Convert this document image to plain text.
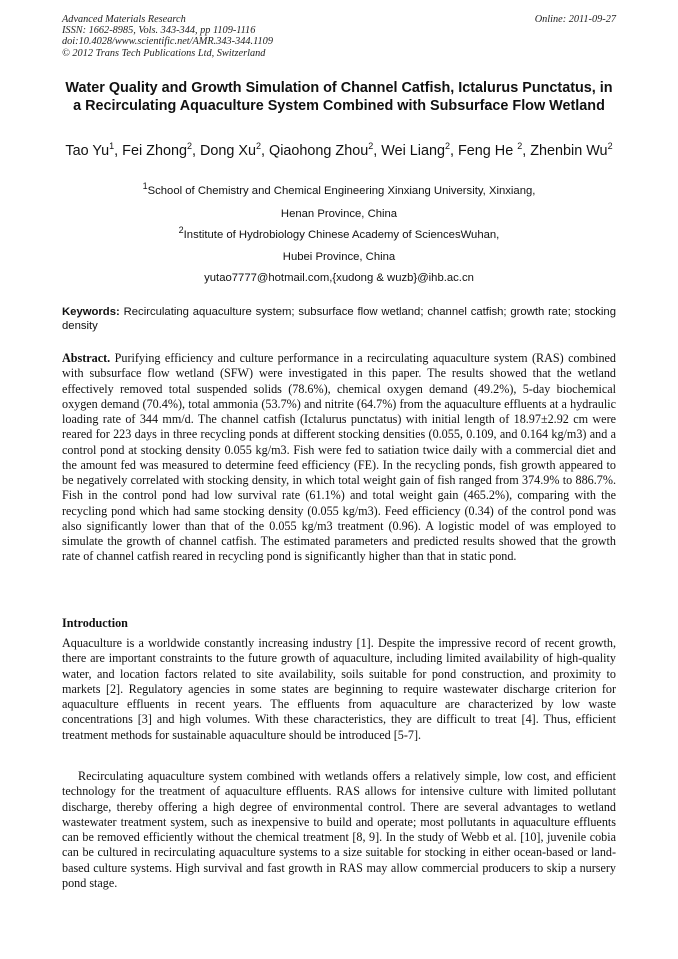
Advanced Materials Research
ISSN: 1662-8985, Vols. 343-344, pp 1109-1116
doi:10.4028/www.scientific.net/AMR.343-344.1109
© 2012 Trans Tech Publications Ltd, Switzerland
Online: 2011-09-27
Water Quality and Growth Simulation of Channel Catfish, Ictalurus Punctatus, in a Recirculating Aquaculture System Combined with Subsurface Flow Wetland
Tao Yu$^1$, Fei Zhong$^2$, Dong Xu$^2$, Qiaohong Zhou$^2$, Wei Liang$^2$, Feng He $^2$, Zhenbin Wu$^2$
$^1$School of Chemistry and Chemical Engineering Xinxiang University, Xinxiang,
Henan Province, China
$^2$Institute of Hydrobiology Chinese Academy of SciencesWuhan,
Hubei Province, China
yutao7777@hotmail.com,{xudong & wuzb}@ihb.ac.cn
Keywords: Recirculating aquaculture system; subsurface flow wetland; channel catfish; growth rate; stocking density
Abstract. Purifying efficiency and culture performance in a recirculating aquaculture system (RAS) combined with subsurface flow wetland (SFW) were investigated in this paper. The results showed that the wetland effectively removed total suspended solids (78.6%), chemical oxygen demand (49.2%), 5-day biochemical oxygen demand (70.4%), total ammonia (53.7%) and nitrite (64.7%) from the aquaculture effluents at a hydraulic loading rate of 344 mm/d. The channel catfish (Ictalurus punctatus) with initial length of 18.97±2.92 cm were reared for 223 days in three recycling ponds at different stocking densities (0.055, 0.109, and 0.164 kg/m3) and a control pond at stocking density 0.055 kg/m3. Fish were fed to satiation twice daily with a commercial diet and the amount fed was measured to determine feed efficiency (FE). In the recycling ponds, fish growth appeared to be negatively correlated with stocking density, in which total weight gain of fish ranged from 374.9% to 886.7%. Fish in the control pond had low survival rate (61.1%) and total weight gain (465.2%), comparing with the recycling pond which had same stocking density (0.055 kg/m3). Feed efficiency (0.34) of the control pond was also significantly lower than that of the 0.055 kg/m3 treatment (0.96). A logistic model of was employed to simulate the growth of channel catfish. The estimated parameters and predicted results showed that the growth rate of channel catfish reared in recycling pond is significantly higher than that in static pond.
Introduction
Aquaculture is a worldwide constantly increasing industry [1]. Despite the impressive record of recent growth, there are important constraints to the future growth of aquaculture, including limited availability of high-quality water, and location factors related to site availability, soils suitable for pond construction, and proximity to markets [2]. Regulatory agencies in some states are beginning to require wastewater discharge criterion for aquaculture effluents in recent years. The effluents from aquaculture are characterized by low waste concentrations [3] and high volumes. With these characteristics, they are difficult to treat [4]. Thus, efficient treatment methods for sustainable aquaculture should be introduced [5-7].
Recirculating aquaculture system combined with wetlands offers a relatively simple, low cost, and efficient technology for the treatment of aquaculture effluents. RAS allows for intensive culture with limited pollutant discharge, thereby offering a high degree of environmental control. There are several advantages to wetland wastewater treatment system, such as inexpensive to build and operate; most pollutants in aquaculture effluents can be removed efficiently without the chemical treatment [8, 9]. In the study of Webb et al. [10], juvenile cobia can be cultured in recirculating aquaculture systems to a size suitable for stocking in either ocean-based or land-based culture systems. High survival and fast growth in RAS may allow commercial producers to skip a nursery pond stage.
